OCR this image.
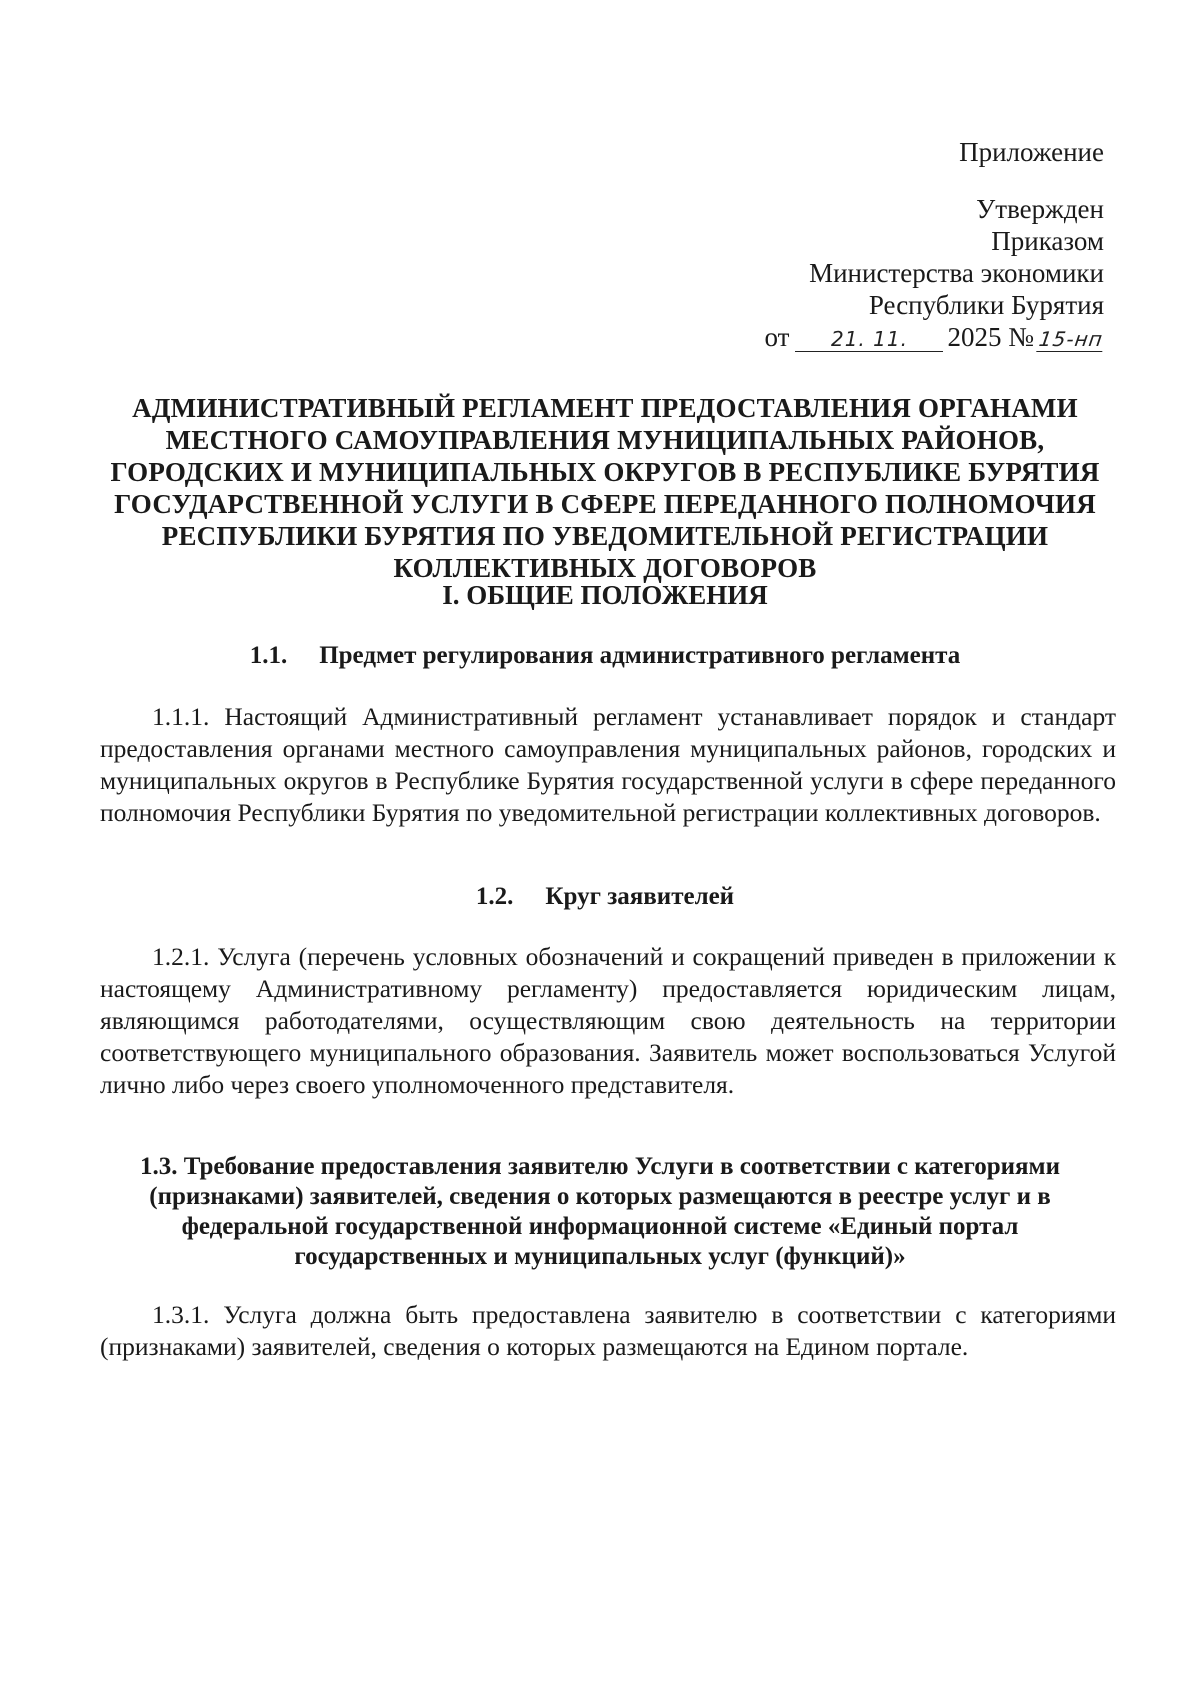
Приложение
Утвержден
Приказом
Министерства экономики
Республики Бурятия
от 21. 11. 2025 № 15-нп
АДМИНИСТРАТИВНЫЙ РЕГЛАМЕНТ ПРЕДОСТАВЛЕНИЯ ОРГАНАМИ МЕСТНОГО САМОУПРАВЛЕНИЯ МУНИЦИПАЛЬНЫХ РАЙОНОВ, ГОРОДСКИХ И МУНИЦИПАЛЬНЫХ ОКРУГОВ В РЕСПУБЛИКЕ БУРЯТИЯ ГОСУДАРСТВЕННОЙ УСЛУГИ В СФЕРЕ ПЕРЕДАННОГО ПОЛНОМОЧИЯ РЕСПУБЛИКИ БУРЯТИЯ ПО УВЕДОМИТЕЛЬНОЙ РЕГИСТРАЦИИ КОЛЛЕКТИВНЫХ ДОГОВОРОВ
I. ОБЩИЕ ПОЛОЖЕНИЯ
1.1. Предмет регулирования административного регламента
1.1.1. Настоящий Административный регламент устанавливает порядок и стандарт предоставления органами местного самоуправления муниципальных районов, городских и муниципальных округов в Республике Бурятия государственной услуги в сфере переданного полномочия Республики Бурятия по уведомительной регистрации коллективных договоров.
1.2. Круг заявителей
1.2.1. Услуга (перечень условных обозначений и сокращений приведен в приложении к настоящему Административному регламенту) предоставляется юридическим лицам, являющимся работодателями, осуществляющим свою деятельность на территории соответствующего муниципального образования. Заявитель может воспользоваться Услугой лично либо через своего уполномоченного представителя.
1.3. Требование предоставления заявителю Услуги в соответствии с категориями (признаками) заявителей, сведения о которых размещаются в реестре услуг и в федеральной государственной информационной системе «Единый портал государственных и муниципальных услуг (функций)»
1.3.1. Услуга должна быть предоставлена заявителю в соответствии с категориями (признаками) заявителей, сведения о которых размещаются на Едином портале.
